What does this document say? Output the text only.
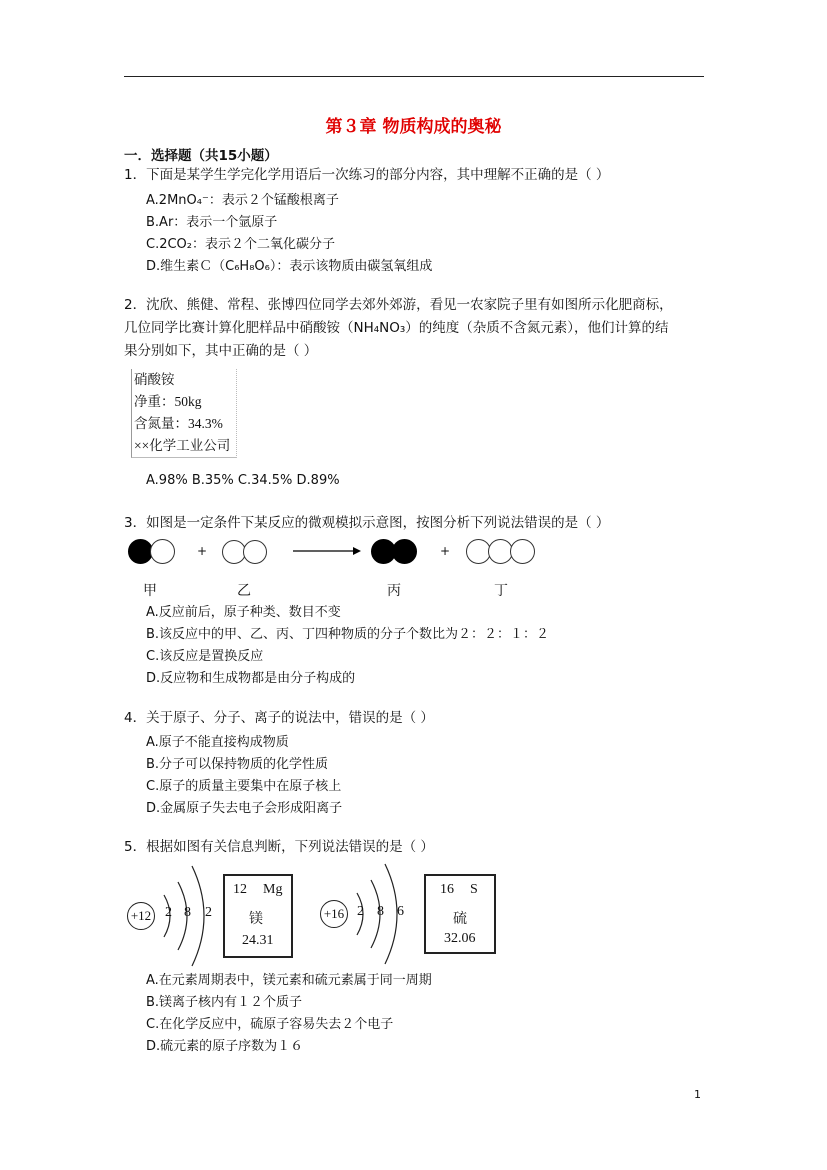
第３章 物质构成的奥秘
一．选择题（共15小题）
1．下面是某学生学完化学用语后一次练习的部分内容，其中理解不正确的是（ ）
A.2MnO₄⁻：表示２个锰酸根离子
B.Ar：表示一个氩原子
C.2CO₂：表示２个二氧化碳分子
D.维生素Ｃ（C₆H₈O₆）：表示该物质由碳氢氧组成
2．沈欣、熊健、常程、张博四位同学去郊外郊游，看见一农家院子里有如图所示化肥商标，
几位同学比赛计算化肥样品中硝酸铵（NH₄NO₃）的纯度（杂质不含氮元素），他们计算的结
果分别如下，其中正确的是（ ）
硝酸铵
净重：50kg
含氮量：34.3%
××化学工业公司
A.98% B.35% C.34.5% D.89%
3．如图是一定条件下某反应的微观模拟示意图，按图分析下列说法错误的是（ ）
+	+
甲	乙	丙	丁
A.反应前后，原子种类、数目不变
B.该反应中的甲、乙、丙、丁四种物质的分子个数比为２：２：１：２
C.该反应是置换反应
D.反应物和生成物都是由分子构成的
4．关于原子、分子、离子的说法中，错误的是（ ）
A.原子不能直接构成物质
B.分子可以保持物质的化学性质
C.原子的质量主要集中在原子核上
D.金属原子失去电子会形成阳离子
5．根据如图有关信息判断，下列说法错误的是（ ）
+12 2 8 2
12 Mg
镁
24.31
+16 2 8 6
16 S
硫
32.06
A.在元素周期表中，镁元素和硫元素属于同一周期
B.镁离子核内有１２个质子
C.在化学反应中，硫原子容易失去２个电子
D.硫元素的原子序数为１６
1
